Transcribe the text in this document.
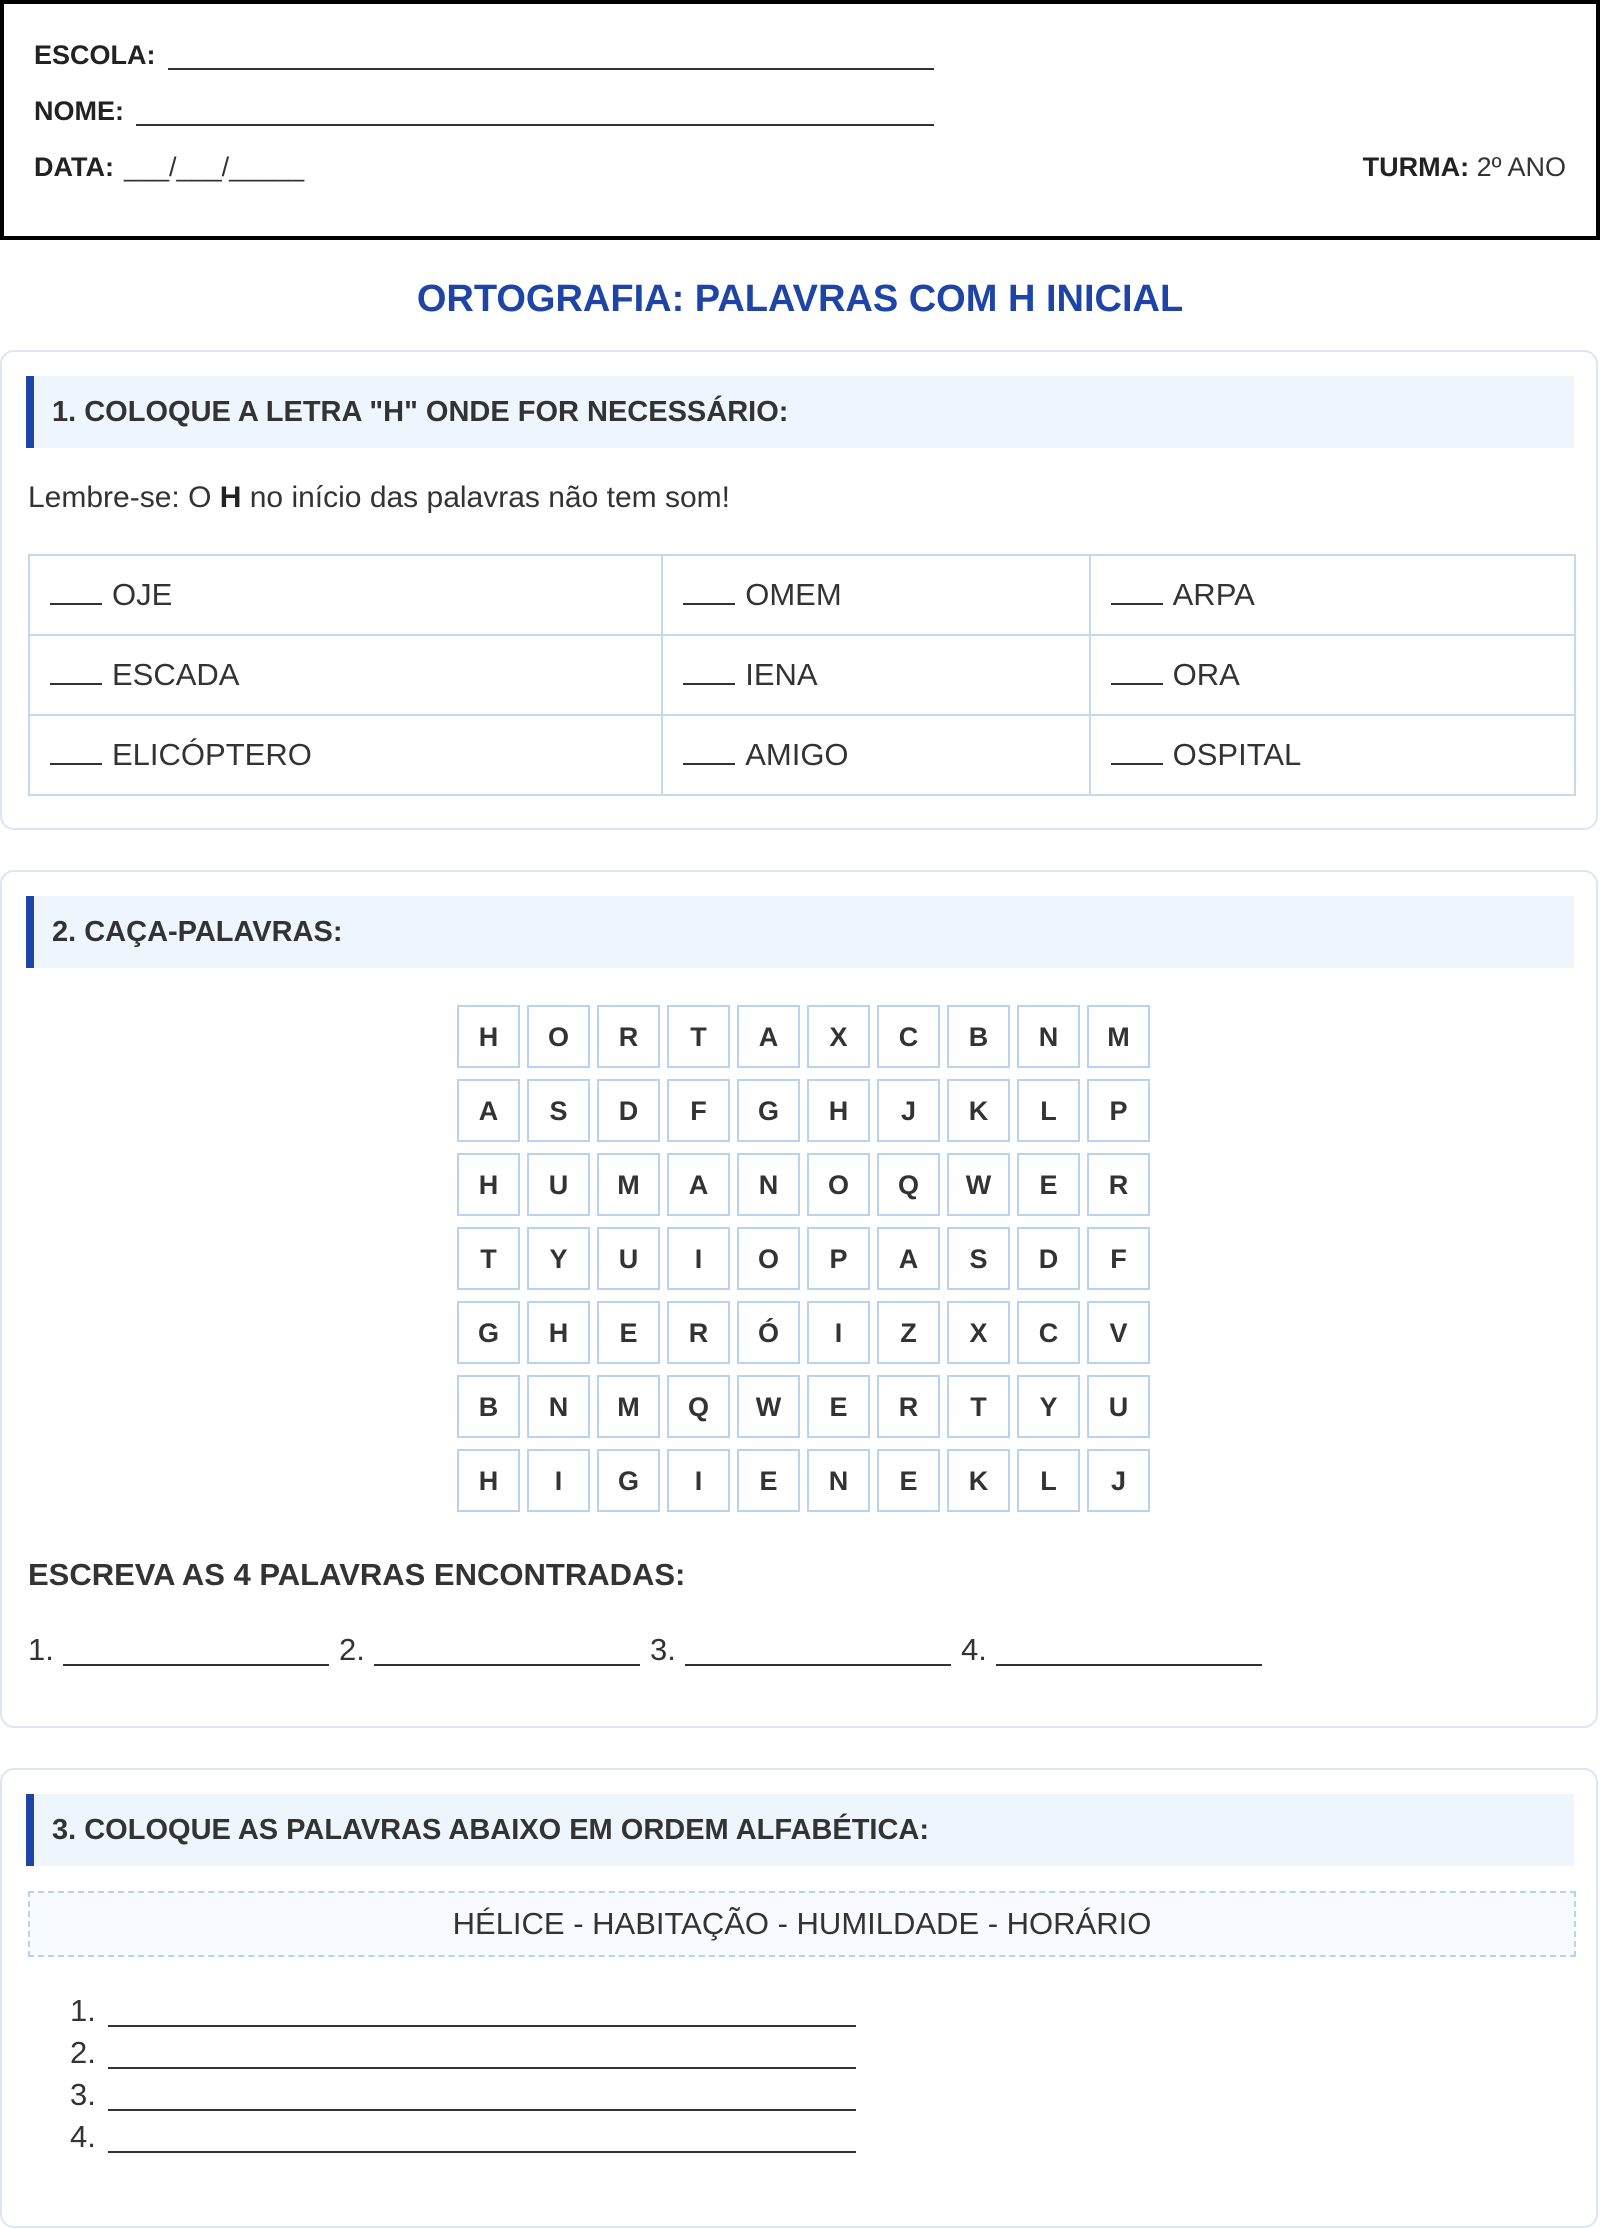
ESCOLA:
NOME:
DATA: ___/___/_____	TURMA: 2º ANO
ORTOGRAFIA: PALAVRAS COM H INICIAL
1. COLOQUE A LETRA "H" ONDE FOR NECESSÁRIO:
Lembre-se: O H no início das palavras não tem som!
OJE	OMEM	ARPA
ESCADA	IENA	ORA
ELICÓPTERO	AMIGO	OSPITAL
2. CAÇA-PALAVRAS:
H	O	R	T	A	X	C	B	N	M
A	S	D	F	G	H	J	K	L	P
H	U	M	A	N	O	Q	W	E	R
T	Y	U	I	O	P	A	S	D	F
G	H	E	R	Ó	I	Z	X	C	V
B	N	M	Q	W	E	R	T	Y	U
H	I	G	I	E	N	E	K	L	J
ESCREVA AS 4 PALAVRAS ENCONTRADAS:
1.	2.	3.	4.
3. COLOQUE AS PALAVRAS ABAIXO EM ORDEM ALFABÉTICA:
HÉLICE - HABITAÇÃO - HUMILDADE - HORÁRIO
1.
2.
3.
4.
